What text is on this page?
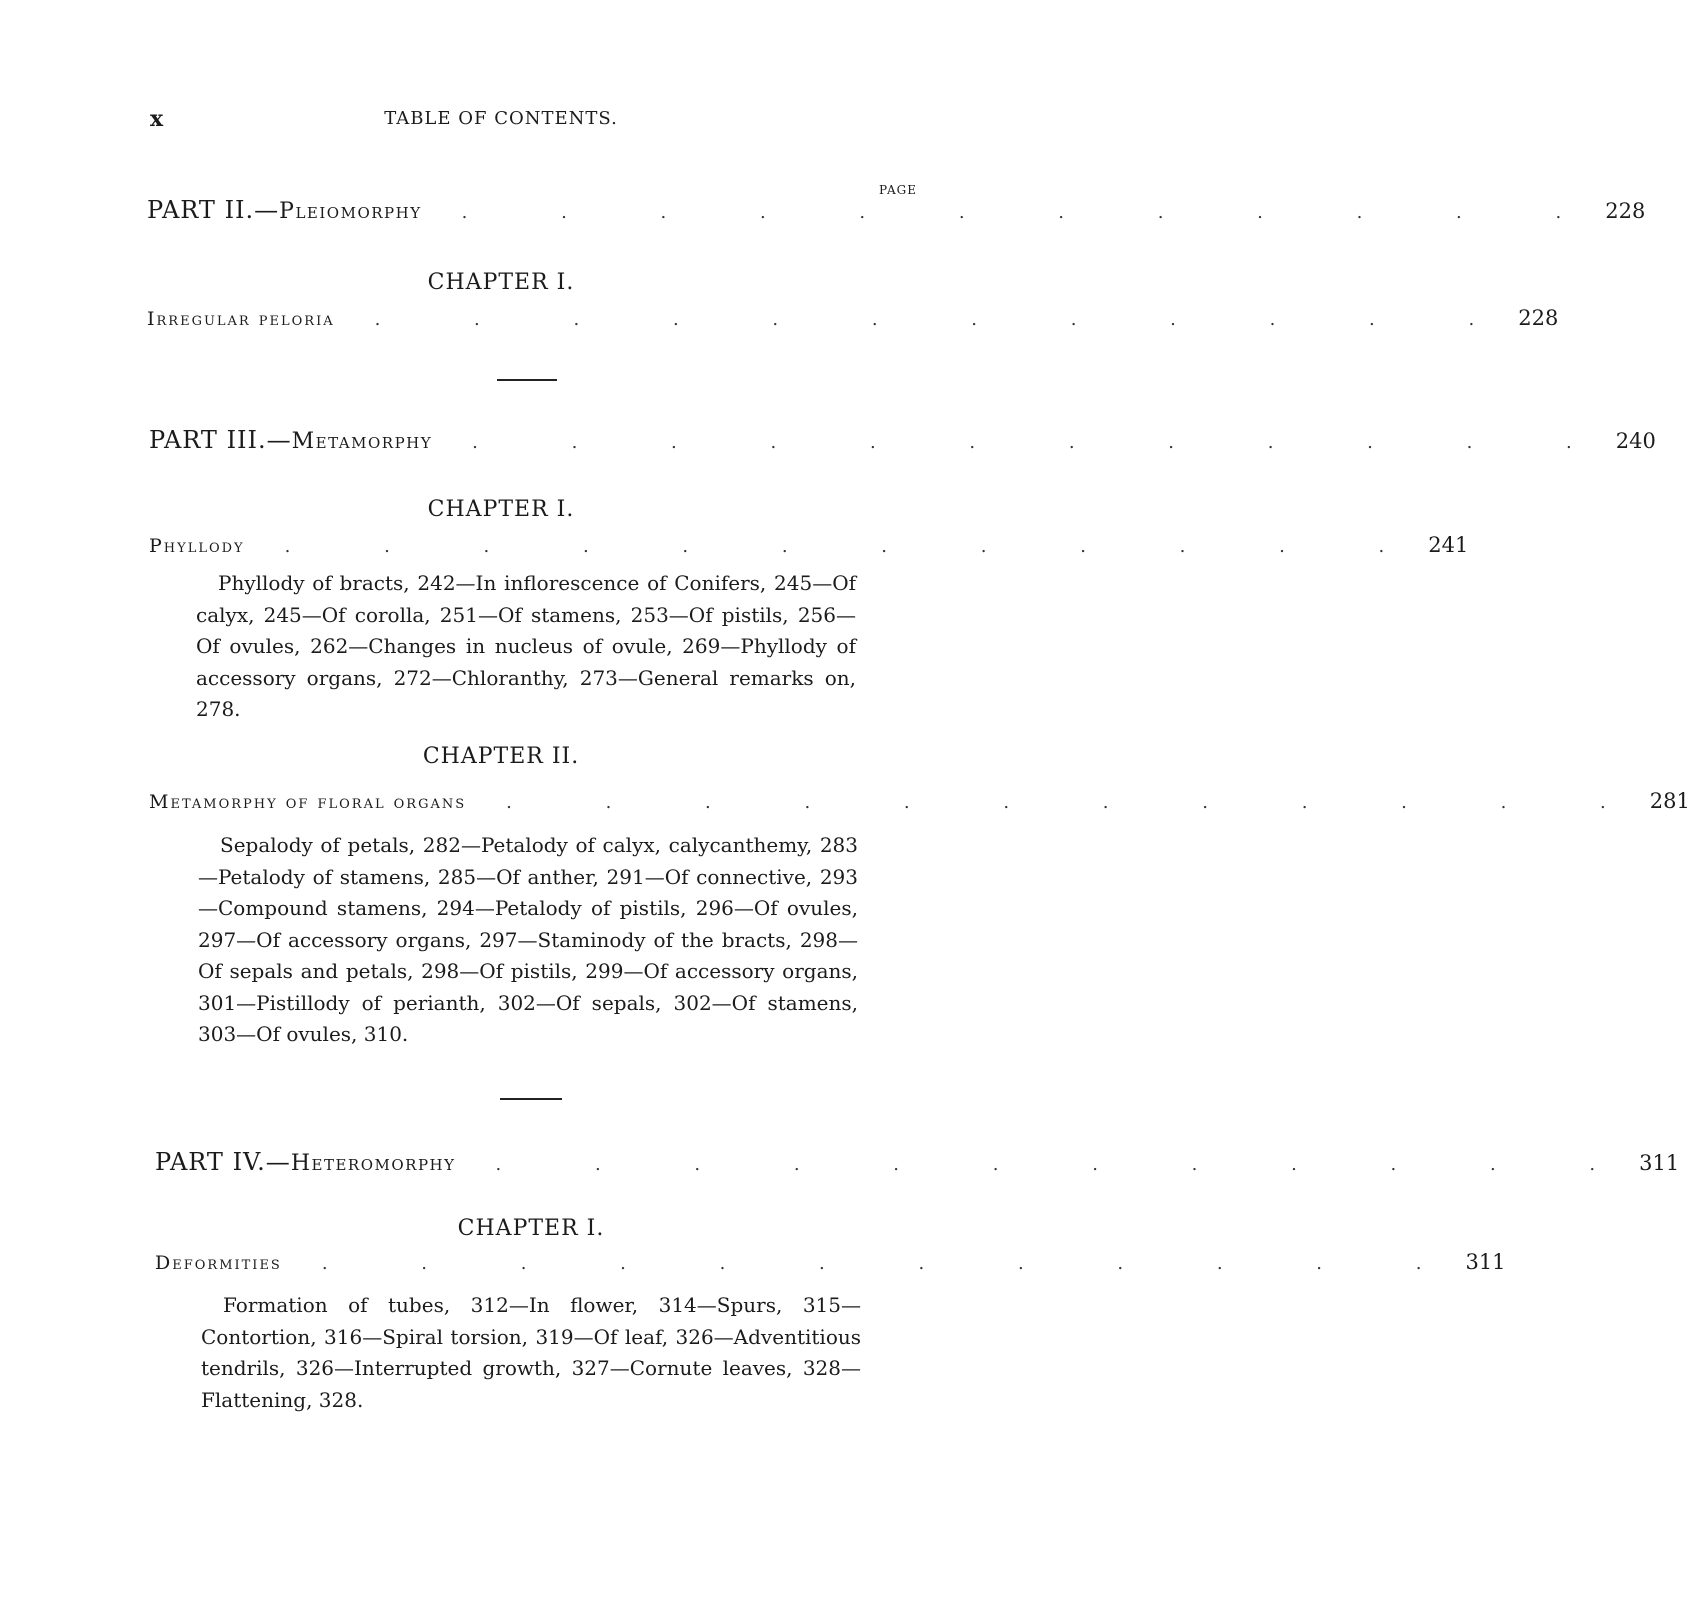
x	TABLE OF CONTENTS.
PAGE
PART II.—Pleiomorphy	. . . . . . . . . . . . 228
CHAPTER I.
Irregular peloria	. . . . . . . . . . . . 228
PART III.—Metamorphy	. . . . . . . . . . . . 240
CHAPTER I.
Phyllody	. . . . . . . . . . . . 241
Phyllody of bracts, 242—In inflorescence of Conifers, 245—Of calyx, 245—Of corolla, 251—Of stamens, 253—Of pistils, 256—Of ovules, 262—Changes in nucleus of ovule, 269—Phyllody of accessory organs, 272—Chloranthy, 273—General remarks on, 278.
CHAPTER II.
Metamorphy of floral organs	. . . . . . . . . . . . 281
Sepalody of petals, 282—Petalody of calyx, calycanthemy, 283—Petalody of stamens, 285—Of anther, 291—Of connective, 293—Compound stamens, 294—Petalody of pistils, 296—Of ovules, 297—Of accessory organs, 297—Staminody of the bracts, 298—Of sepals and petals, 298—Of pistils, 299—Of accessory organs, 301—Pistillody of perianth, 302—Of sepals, 302—Of stamens, 303—Of ovules, 310.
PART IV.—Heteromorphy	. . . . . . . . . . . . 311
CHAPTER I.
Deformities	. . . . . . . . . . . . 311
Formation of tubes, 312—In flower, 314—Spurs, 315—Contortion, 316—Spiral torsion, 319—Of leaf, 326—Adventitious tendrils, 326—Interrupted growth, 327—Cornute leaves, 328—Flattening, 328.
